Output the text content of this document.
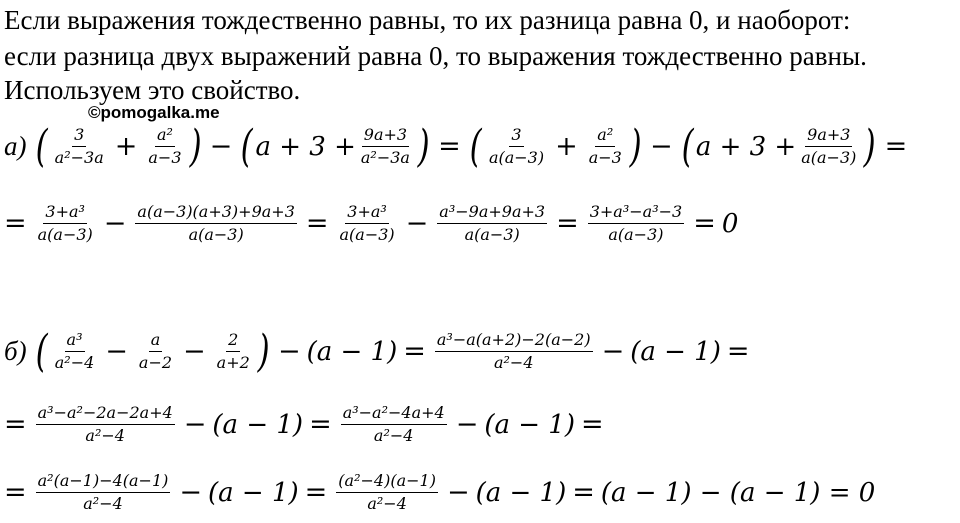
Если выражения тождественно равны, то их разница равна 0, и наоборот:
если разница двух выражений равна 0, то выражения тождественно равны.
Используем это свойство.
©pomogalka.me
а) ( $\frac{3}{\text{a²−3a}} + \frac{\text{a²}}{a-3}$ ) − ( $a + 3 + \frac{9a+3}{\text{a²−3a}}$ ) = ( $\frac{3}{a(a-3)} + \frac{\text{a²}}{a-3}$ ) − ( $a + 3 + \frac{9a+3}{a(a-3)}$ ) =
= $\frac{\text{3+a³}}{a(a-3)} - \frac{a(a-3)(a+3)+9a+3}{a(a-3)} = \frac{\text{3+a³}}{a(a-3)} - \frac{\text{a³−9a+9a+3}}{a(a-3)} = \frac{\text{3+a³−a³−3}}{a(a-3)} = 0$
б) ( $\frac{\text{a³}}{\text{a²−4}} - \frac{a}{a-2} - \frac{2}{a+2}$ ) − $(a - 1) = \frac{\text{a³−a(a+2)−2(a−2)}}{\text{a²−4}} - (a - 1)$ =
= $\frac{\text{a³−a²−2a−2a+4}}{\text{a²−4}} - (a - 1) = \frac{\text{a³−a²−4a+4}}{\text{a²−4}} - (a - 1)$ =
= $\frac{\text{a²(a−1)−4(a−1)}}{\text{a²−4}} - (a - 1) = \frac{\text{(a²−4)(a−1)}}{\text{a²−4}} - (a - 1) = (a - 1) - (a - 1) = 0$
